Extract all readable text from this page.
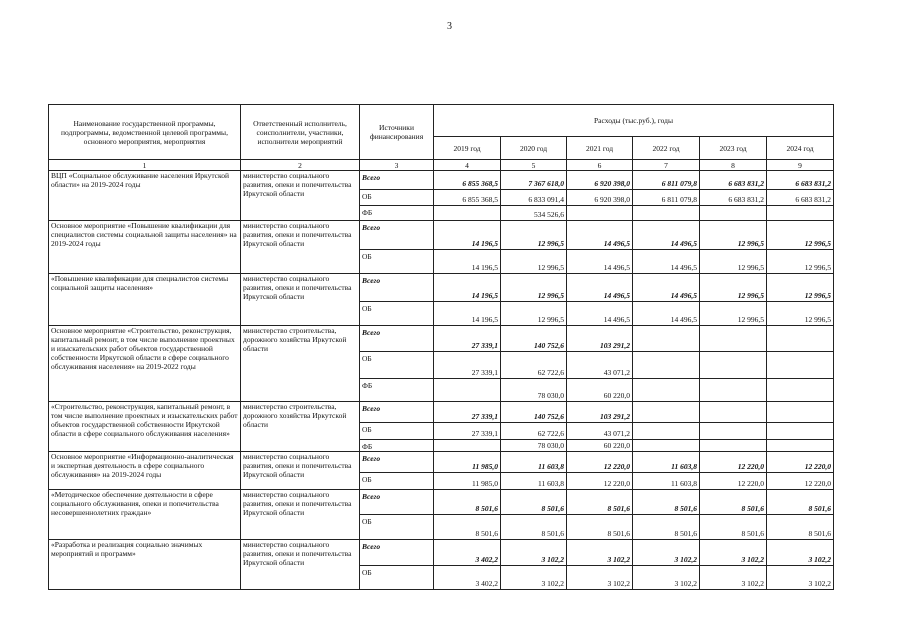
3
Наименование государственной программы, подпрограммы, ведомственной целевой программы, основного мероприятия, мероприятия	Ответственный исполнитель, соисполнители, участники, исполнители мероприятий	Источники финансирования	Расходы (тыс.руб.), годы					
			2019 год	2020 год	2021 год	2022 год	2023 год	2024 год
1	2	3	4	5	6	7	8	9
ВЦП «Социальное обслуживание населения Иркутской области» на 2019-2024 годы	министерство социального развития, опеки и попечительства Иркутской области	Всего	6 855 368,5	7 367 618,0	6 920 398,0	6 811 079,8	6 683 831,2	6 683 831,2
		ОБ	6 855 368,5	6 833 091,4	6 920 398,0	6 811 079,8	6 683 831,2	6 683 831,2
		ФБ		534 526,6				
Основное мероприятие «Повышение квалификации для специалистов системы социальной защиты населения» на 2019-2024 годы	министерство социального развития, опеки и попечительства Иркутской области	Всего	14 196,5	12 996,5	14 496,5	14 496,5	12 996,5	12 996,5
		ОБ	14 196,5	12 996,5	14 496,5	14 496,5	12 996,5	12 996,5
«Повышение квалификации для специалистов системы социальной защиты населения»	министерство социального развития, опеки и попечительства Иркутской области	Всего	14 196,5	12 996,5	14 496,5	14 496,5	12 996,5	12 996,5
		ОБ	14 196,5	12 996,5	14 496,5	14 496,5	12 996,5	12 996,5
Основное мероприятие «Строительство, реконструкция, капитальный ремонт, в том числе выполнение проектных и изыскательских работ объектов государственной собственности Иркутской области в сфере социального обслуживания населения» на 2019-2022 годы	министерство строительства, дорожного хозяйства Иркутской области	Всего	27 339,1	140 752,6	103 291,2			
		ОБ	27 339,1	62 722,6	43 071,2			
		ФБ		78 030,0	60 220,0			
«Строительство, реконструкция, капитальный ремонт, в том числе выполнение проектных и изыскательских работ объектов государственной собственности Иркутской области в сфере социального обслуживания населения»	министерство строительства, дорожного хозяйства Иркутской области	Всего	27 339,1	140 752,6	103 291,2			
		ОБ	27 339,1	62 722,6	43 071,2			
		ФБ		78 030,0	60 220,0			
Основное мероприятие «Информационно-аналитическая и экспертная деятельность в сфере социального обслуживания» на 2019-2024 годы	министерство социального развития, опеки и попечительства Иркутской области	Всего	11 985,0	11 603,8	12 220,0	11 603,8	12 220,0	12 220,0
		ОБ	11 985,0	11 603,8	12 220,0	11 603,8	12 220,0	12 220,0
«Методическое обеспечение деятельности в сфере социального обслуживания, опеки и попечительства несовершеннолетних граждан»	министерство социального развития, опеки и попечительства Иркутской области	Всего	8 501,6	8 501,6	8 501,6	8 501,6	8 501,6	8 501,6
		ОБ	8 501,6	8 501,6	8 501,6	8 501,6	8 501,6	8 501,6
«Разработка и реализация социально значимых мероприятий и программ»	министерство социального развития, опеки и попечительства Иркутской области	Всего	3 402,2	3 102,2	3 102,2	3 102,2	3 102,2	3 102,2
		ОБ	3 402,2	3 102,2	3 102,2	3 102,2	3 102,2	3 102,2
